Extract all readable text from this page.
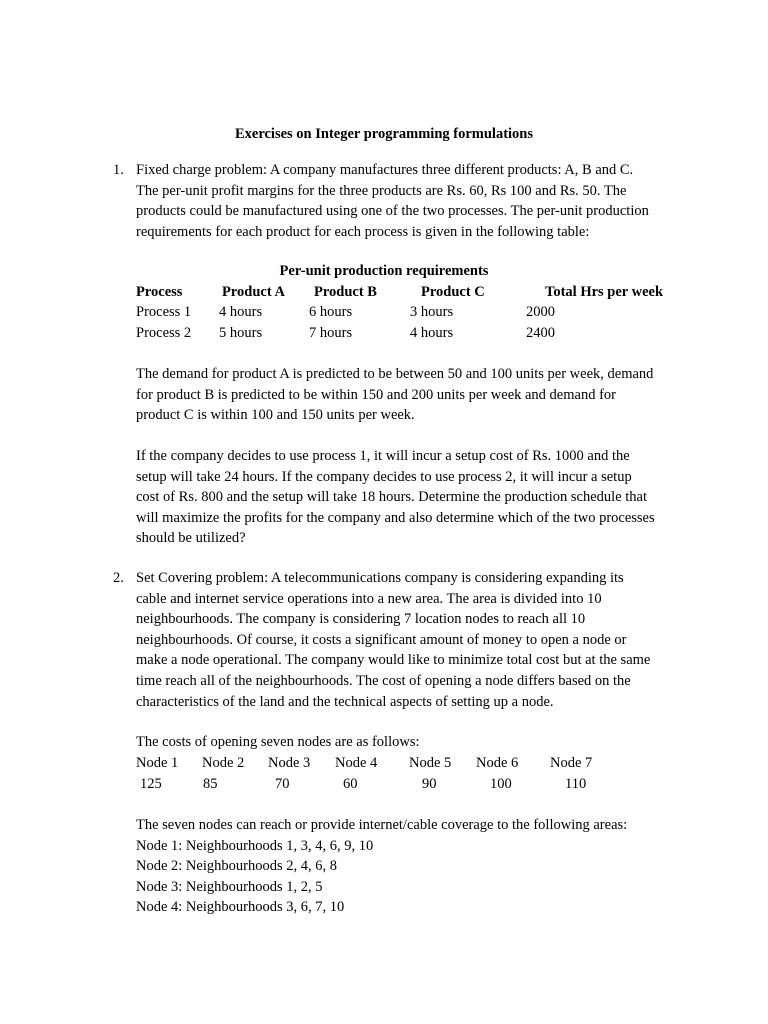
Exercises on Integer programming formulations
1. Fixed charge problem: A company manufactures three different products: A, B and C.
The per-unit profit margins for the three products are Rs. 60, Rs 100 and Rs. 50. The
products could be manufactured using one of the two processes. The per-unit production
requirements for each product for each process is given in the following table:
Per-unit production requirements
Process	Product A Product B	Product C	Total Hrs per week
Process 1 4 hours	6 hours	3 hours	2000
Process 2 5 hours	7 hours	4 hours	2400
The demand for product A is predicted to be between 50 and 100 units per week, demand
for product B is predicted to be within 150 and 200 units per week and demand for
product C is within 100 and 150 units per week.
If the company decides to use process 1, it will incur a setup cost of Rs. 1000 and the
setup will take 24 hours. If the company decides to use process 2, it will incur a setup
cost of Rs. 800 and the setup will take 18 hours. Determine the production schedule that
will maximize the profits for the company and also determine which of the two processes
should be utilized?
2. Set Covering problem: A telecommunications company is considering expanding its
cable and internet service operations into a new area. The area is divided into 10
neighbourhoods. The company is considering 7 location nodes to reach all 10
neighbourhoods. Of course, it costs a significant amount of money to open a node or
make a node operational. The company would like to minimize total cost but at the same
time reach all of the neighbourhoods. The cost of opening a node differs based on the
characteristics of the land and the technical aspects of setting up a node.
The costs of opening seven nodes are as follows:
Node 1 Node 2 Node 3 Node 4 Node 5 Node 6 Node 7
125	85	70	60	90	100	110
The seven nodes can reach or provide internet/cable coverage to the following areas:
Node 1: Neighbourhoods 1, 3, 4, 6, 9, 10
Node 2: Neighbourhoods 2, 4, 6, 8
Node 3: Neighbourhoods 1, 2, 5
Node 4: Neighbourhoods 3, 6, 7, 10
